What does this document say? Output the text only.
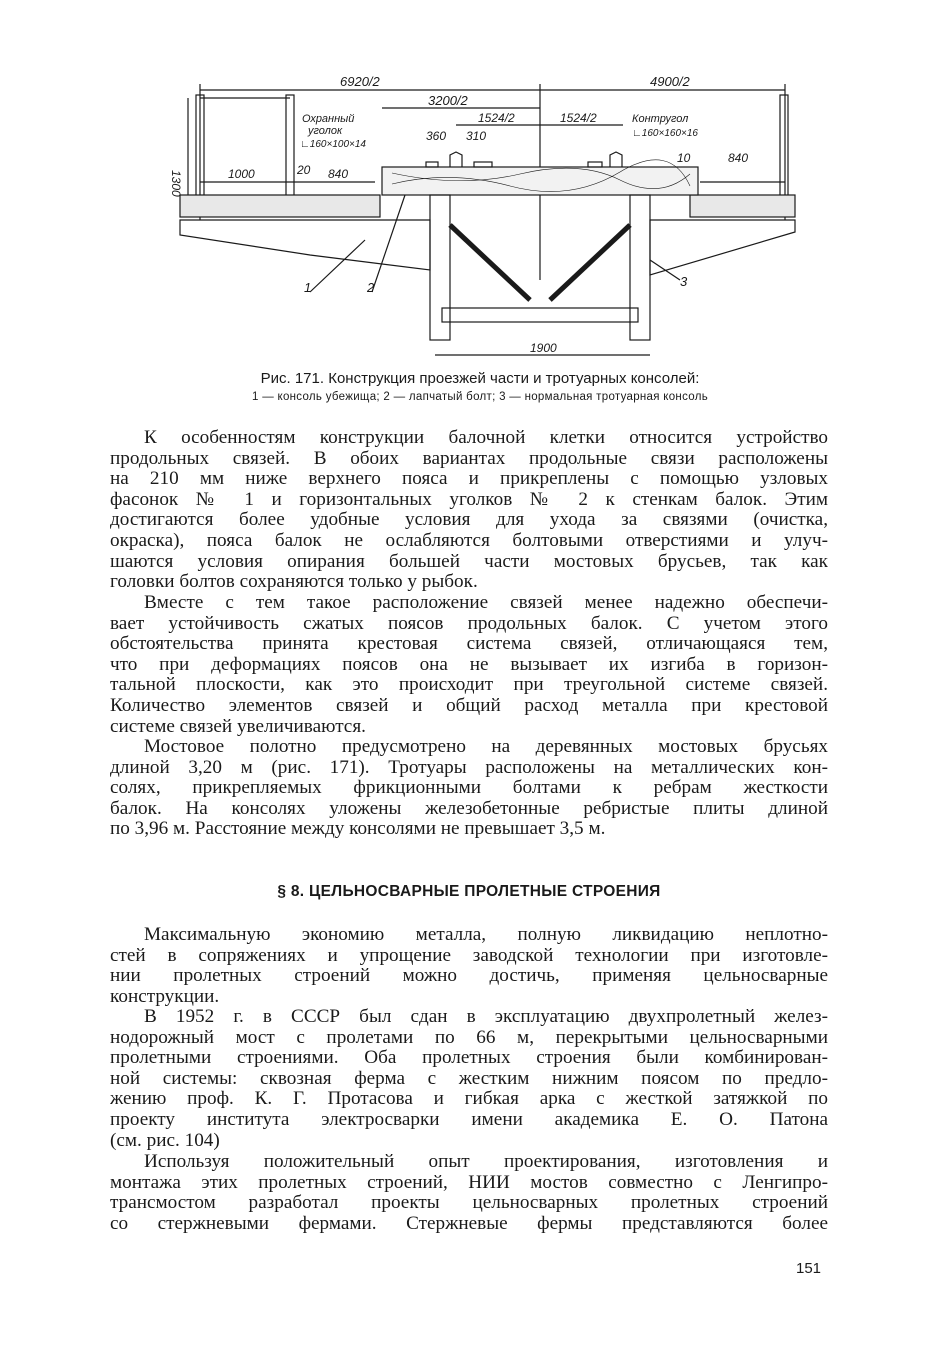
6920/2	4900/2
3200/2
1524/2	1524/2
360 310
1000	20 840
10	840
1900
1300
Охранный
уголок
∟160×100×14
Контругол
∟160×160×16
1	2	3
Рис. 171. Конструкция проезжей части и тротуарных консолей:
1 — консоль убежища; 2 — лапчатый болт; 3 — нормальная тротуарная консоль
К особенностям конструкции балочной клетки относится устройство
продольных связей. В обоих вариантах продольные связи расположены
на 210 мм ниже верхнего пояса и прикреплены с помощью узловых
фасонок № 1 и горизонтальных уголков № 2 к стенкам балок. Этим
достигаются более удобные условия для ухода за связями (очистка,
окраска), пояса балок не ослабляются болтовыми отверстиями и улуч-
шаются условия опирания большей части мостовых брусьев, так как
головки болтов сохраняются только у рыбок.
Вместе с тем такое расположение связей менее надежно обеспечи-
вает устойчивость сжатых поясов продольных балок. С учетом этого
обстоятельства принята крестовая система связей, отличающаяся тем,
что при деформациях поясов она не вызывает их изгиба в горизон-
тальной плоскости, как это происходит при треугольной системе связей.
Количество элементов связей и общий расход металла при крестовой
системе связей увеличиваются.
Мостовое полотно предусмотрено на деревянных мостовых брусьях
длиной 3,20 м (рис. 171). Тротуары расположены на металлических кон-
солях, прикрепляемых фрикционными болтами к ребрам жесткости
балок. На консолях уложены железобетонные ребристые плиты длиной
по 3,96 м. Расстояние между консолями не превышает 3,5 м.
§ 8. ЦЕЛЬНОСВАРНЫЕ ПРОЛЕТНЫЕ СТРОЕНИЯ
Максимальную экономию металла, полную ликвидацию неплотно-
стей в сопряжениях и упрощение заводской технологии при изготовле-
нии пролетных строений можно достичь, применяя цельносварные
конструкции.
В 1952 г. в СССР был сдан в эксплуатацию двухпролетный желез-
нодорожный мост с пролетами по 66 м, перекрытыми цельносварными
пролетными строениями. Оба пролетных строения были комбинирован-
ной системы: сквозная ферма с жестким нижним поясом по предло-
жению проф. К. Г. Протасова и гибкая арка с жесткой затяжкой по
проекту института электросварки имени академика Е. О. Патона
(см. рис. 104)
Используя положительный опыт проектирования, изготовления и
монтажа этих пролетных строений, НИИ мостов совместно с Ленгипро-
трансмостом разработал проекты цельносварных пролетных строений
со стержневыми фермами. Стержневые фермы представляются более
151
